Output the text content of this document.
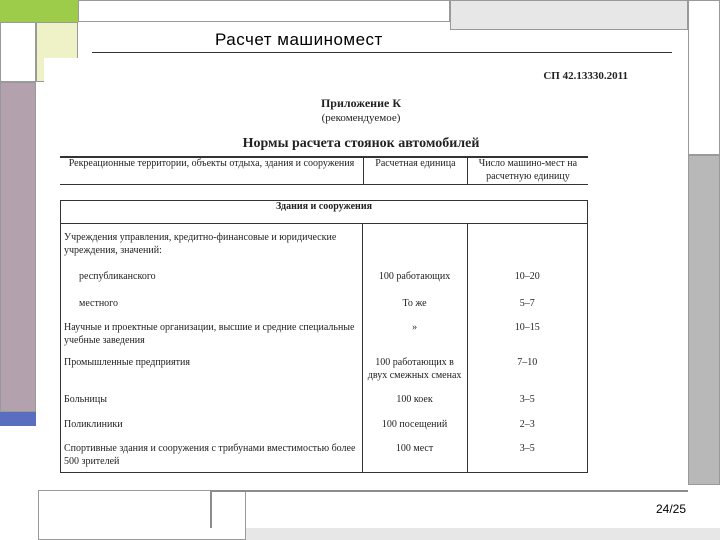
Расчет машиномест
СП 42.13330.2011
Приложение К
(рекомендуемое)
Нормы расчета стоянок автомобилей
Рекреационные территории, объекты отдыха, здания и сооружения	Расчетная единица	Число машино-мест на расчетную единицу
Здания и сооружения		
Учреждения управления, кредитно-финансовые и юридические учреждения, значений:		
республиканского	100 работающих	10–20
местного	То же	5–7
Научные и проектные организации, высшие и средние специальные учебные заведения	»	10–15
Промышленные предприятия	100 работающих в двух смежных сменах	7–10
Больницы	100 коек	3–5
Поликлиники	100 посещений	2–3
Спортивные здания и сооружения с трибунами вместимостью более 500 зрителей	100 мест	3–5
24/25
